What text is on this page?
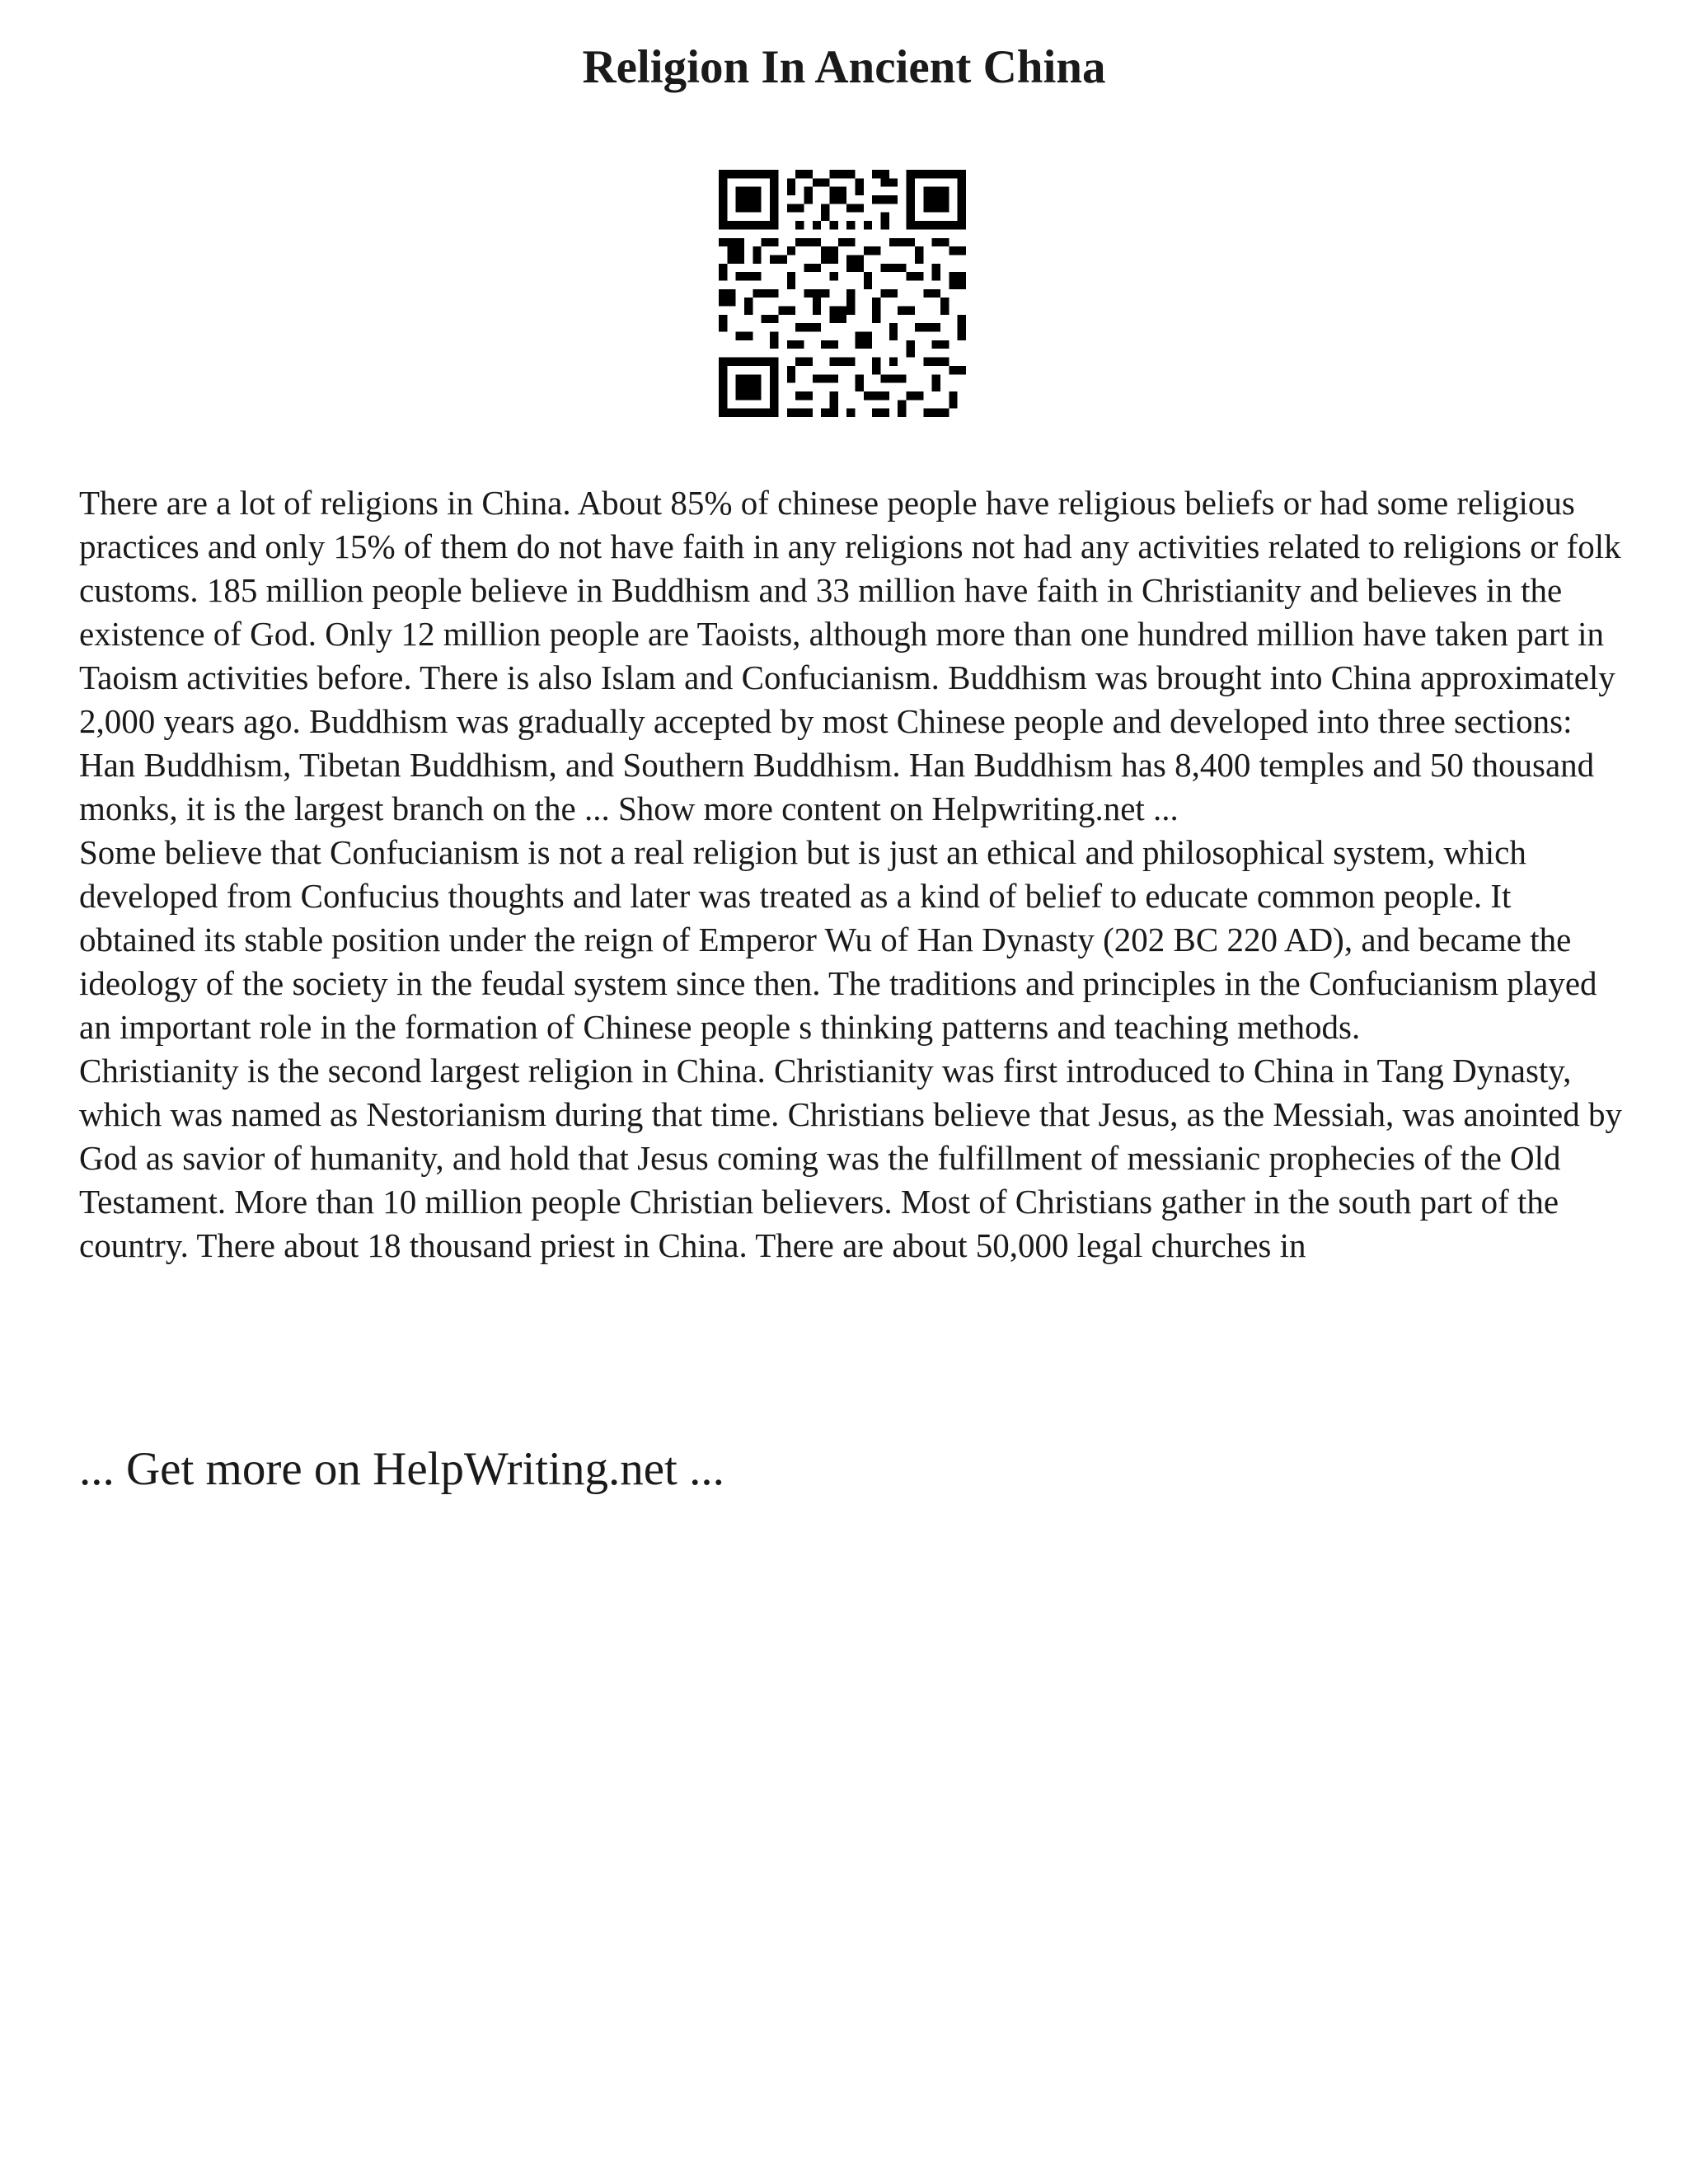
Religion In Ancient China

There are a lot of religions in China. About 85% of chinese people have religious beliefs or had some religious practices and only 15% of them do not have faith in any religions not had any activities related to religions or folk customs. 185 million people believe in Buddhism and 33 million have faith in Christianity and believes in the existence of God. Only 12 million people are Taoists, although more than one hundred million have taken part in Taoism activities before. There is also Islam and Confucianism. Buddhism was brought into China approximately 2,000 years ago. Buddhism was gradually accepted by most Chinese people and developed into three sections: Han Buddhism, Tibetan Buddhism, and Southern Buddhism. Han Buddhism has 8,400 temples and 50 thousand monks, it is the largest branch on the ... Show more content on Helpwriting.net ...

Some believe that Confucianism is not a real religion but is just an ethical and philosophical system, which developed from Confucius thoughts and later was treated as a kind of belief to educate common people. It obtained its stable position under the reign of Emperor Wu of Han Dynasty (202 BC 220 AD), and became the ideology of the society in the feudal system since then. The traditions and principles in the Confucianism played an important role in the formation of Chinese people s thinking patterns and teaching methods.

Christianity is the second largest religion in China. Christianity was first introduced to China in Tang Dynasty, which was named as Nestorianism during that time. Christians believe that Jesus, as the Messiah, was anointed by God as savior of humanity, and hold that Jesus coming was the fulfillment of messianic prophecies of the Old Testament. More than 10 million people Christian believers. Most of Christians gather in the south part of the country. There about 18 thousand priest in China. There are about 50,000 legal churches in

... Get more on HelpWriting.net ...
